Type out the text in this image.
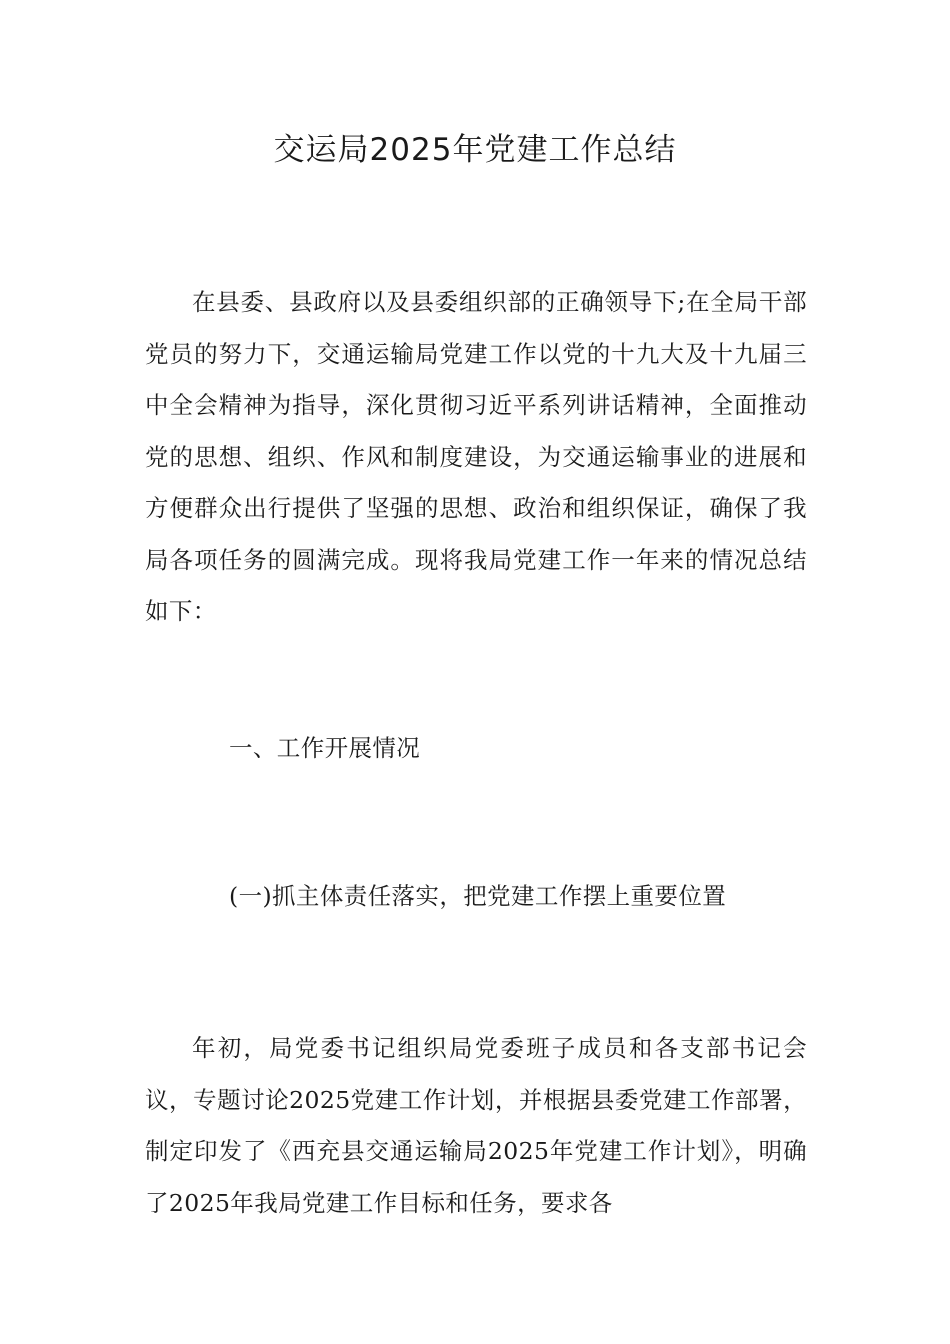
交运局2025年党建工作总结

在县委、县政府以及县委组织部的正确领导下;在全局干部党员的努力下，交通运输局党建工作以党的十九大及十九届三中全会精神为指导，深化贯彻习近平系列讲话精神，全面推动党的思想、组织、作风和制度建设，为交通运输事业的进展和方便群众出行提供了坚强的思想、政治和组织保证，确保了我局各项任务的圆满完成。现将我局党建工作一年来的情况总结如下：

一、工作开展情况
(一)抓主体责任落实，把党建工作摆上重要位置

年初，局党委书记组织局党委班子成员和各支部书记会议，专题讨论2025党建工作计划，并根据县委党建工作部署，制定印发了《西充县交通运输局2025年党建工作计划》，明确了2025年我局党建工作目标和任务，要求各
